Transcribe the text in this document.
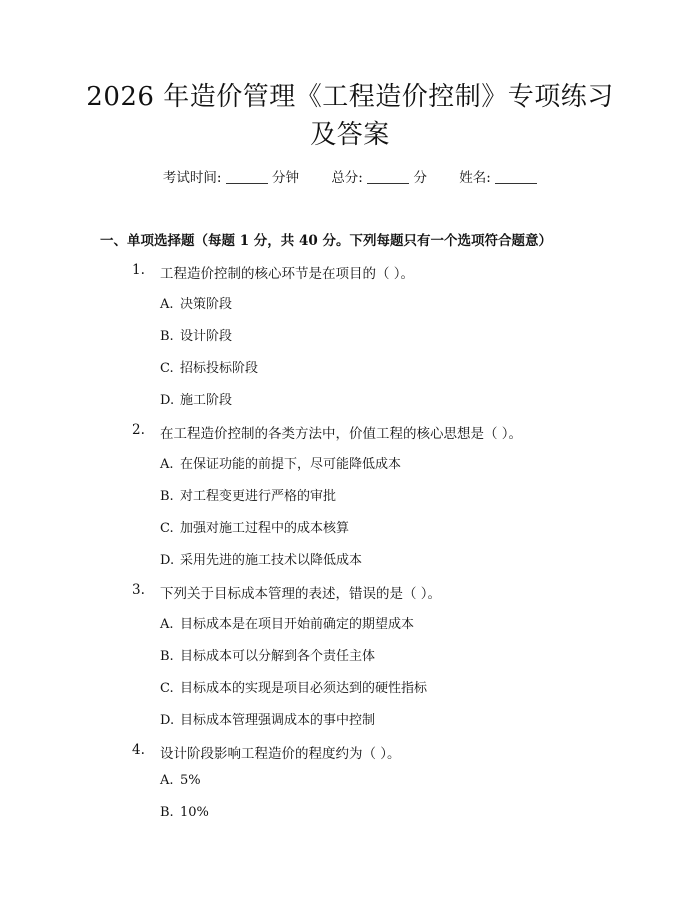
2026 年造价管理《工程造价控制》专项练习
及答案
考试时间:	分钟 总分:	分 姓名:
一、单项选择题（每题 1 分，共 40 分。下列每题只有一个选项符合题意）
1. 工程造价控制的核心环节是在项目的（ ）。
A. 决策阶段
B. 设计阶段
C. 招标投标阶段
D. 施工阶段
2. 在工程造价控制的各类方法中，价值工程的核心思想是（ ）。
A. 在保证功能的前提下，尽可能降低成本
B. 对工程变更进行严格的审批
C. 加强对施工过程中的成本核算
D. 采用先进的施工技术以降低成本
3. 下列关于目标成本管理的表述，错误的是（ ）。
A. 目标成本是在项目开始前确定的期望成本
B. 目标成本可以分解到各个责任主体
C. 目标成本的实现是项目必须达到的硬性指标
D. 目标成本管理强调成本的事中控制
4. 设计阶段影响工程造价的程度约为（ ）。
A. 5%
B. 10%
